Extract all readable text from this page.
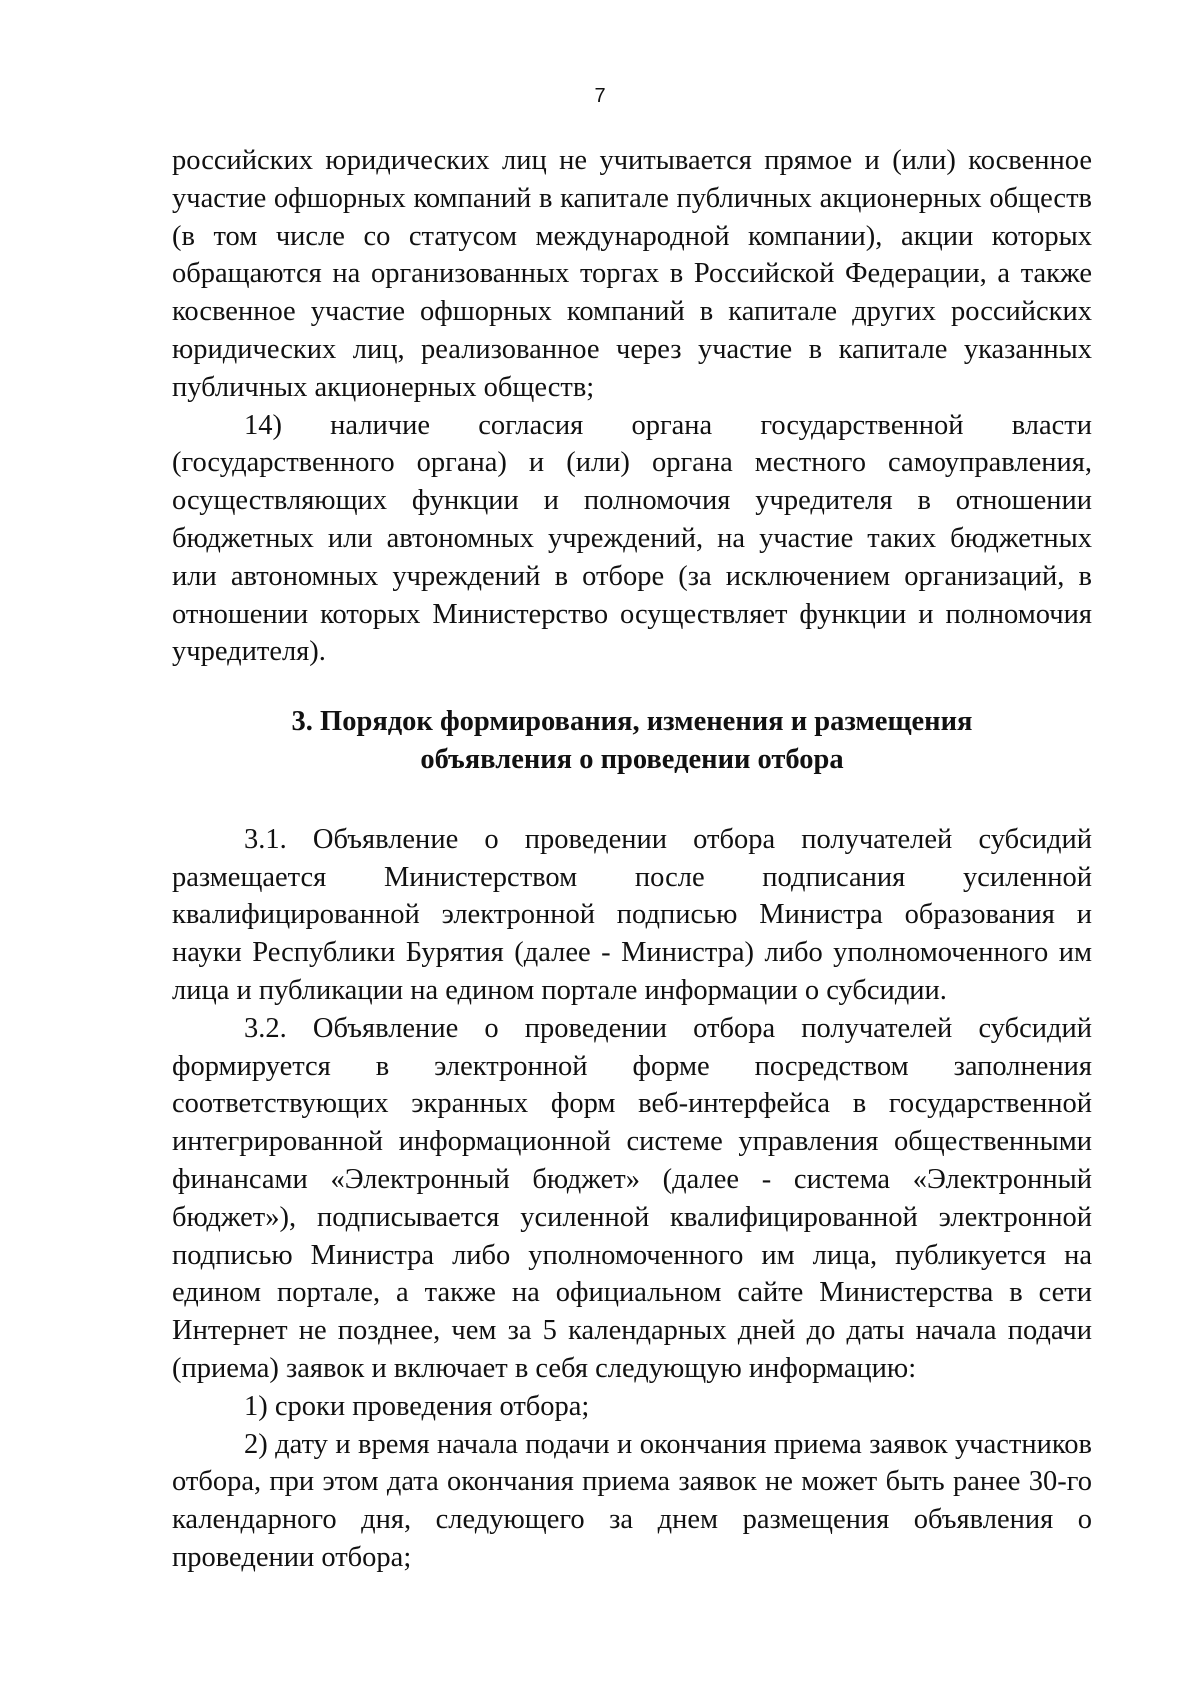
7

российских юридических лиц не учитывается прямое и (или) косвенное участие офшорных компаний в капитале публичных акционерных обществ (в том числе со статусом международной компании), акции которых обращаются на организованных торгах в Российской Федерации, а также косвенное участие офшорных компаний в капитале других российских юридических лиц, реализованное через участие в капитале указанных публичных акционерных обществ;

14) наличие согласия органа государственной власти (государственного органа) и (или) органа местного самоуправления, осуществляющих функции и полномочия учредителя в отношении бюджетных или автономных учреждений, на участие таких бюджетных или автономных учреждений в отборе (за исключением организаций, в отношении которых Министерство осуществляет функции и полномочия учредителя).

3. Порядок формирования, изменения и размещения
объявления о проведении отбора

3.1. Объявление о проведении отбора получателей субсидий размещается Министерством после подписания усиленной квалифицированной электронной подписью Министра образования и науки Республики Бурятия (далее - Министра) либо уполномоченного им лица и публикации на едином портале информации о субсидии.

3.2. Объявление о проведении отбора получателей субсидий формируется в электронной форме посредством заполнения соответствующих экранных форм веб-интерфейса в государственной интегрированной информационной системе управления общественными финансами «Электронный бюджет» (далее - система «Электронный бюджет»), подписывается усиленной квалифицированной электронной подписью Министра либо уполномоченного им лица, публикуется на едином портале, а также на официальном сайте Министерства в сети Интернет не позднее, чем за 5 календарных дней до даты начала подачи (приема) заявок и включает в себя следующую информацию:

1) сроки проведения отбора;

2) дату и время начала подачи и окончания приема заявок участников отбора, при этом дата окончания приема заявок не может быть ранее 30-го календарного дня, следующего за днем размещения объявления о проведении отбора;
